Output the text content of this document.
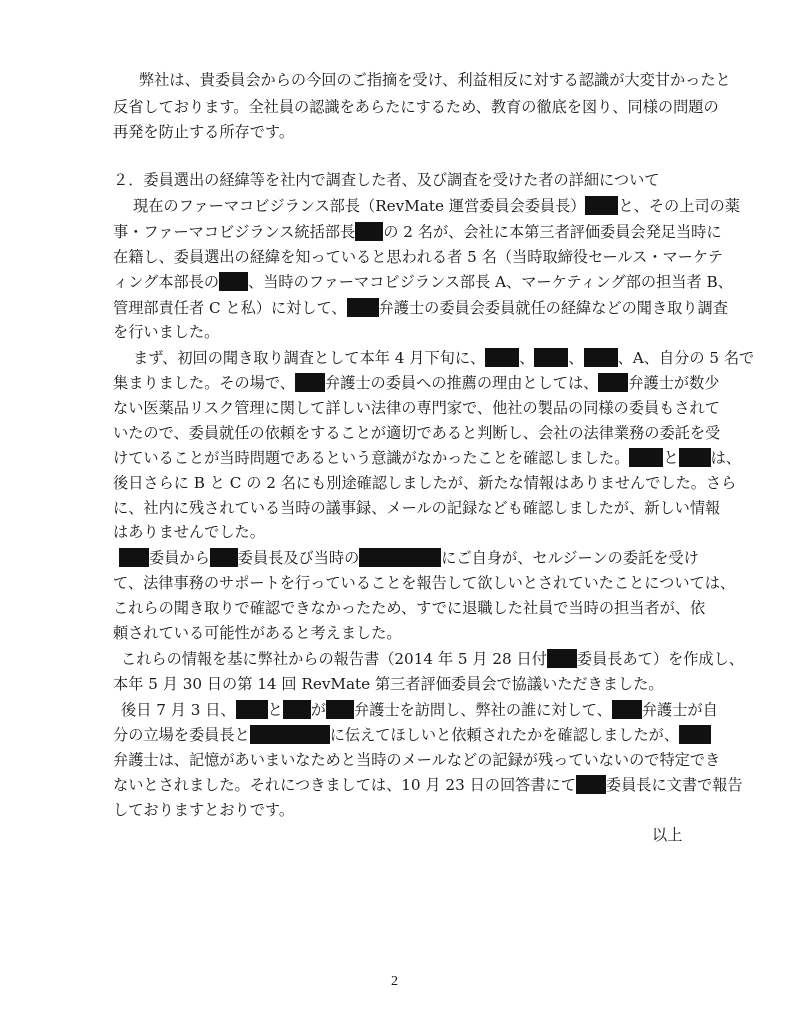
弊社は、貴委員会からの今回のご指摘を受け、利益相反に対する認識が大変甘かったと
反省しております。全社員の認識をあらたにするため、教育の徹底を図り、同様の問題の
再発を防止する所存です。
２．委員選出の経緯等を社内で調査した者、及び調査を受けた者の詳細について
現在のファーマコビジランス部長（RevMate 運営委員会委員長） と、その上司の薬
事・ファーマコビジランス統括部長 の 2 名が、会社に本第三者評価委員会発足当時に
在籍し、委員選出の経緯を知っていると思われる者 5 名（当時取締役セールス・マーケテ
ィング本部長の 、当時のファーマコビジランス部長 A、マーケティング部の担当者 B、
管理部責任者 C と私）に対して、 弁護士の委員会委員就任の経緯などの聞き取り調査
を行いました。
まず、初回の聞き取り調査として本年 4 月下旬に、 、 、 、A、自分の 5 名で
集まりました。その場で、 弁護士の委員への推薦の理由としては、 弁護士が数少
ない医薬品リスク管理に関して詳しい法律の専門家で、他社の製品の同様の委員もされて
いたので、委員就任の依頼をすることが適切であると判断し、会社の法律業務の委託を受
けていることが当時問題であるという意識がなかったことを確認しました。 と は、
後日さらに B と C の 2 名にも別途確認しましたが、新たな情報はありませんでした。さら
に、社内に残されている当時の議事録、メールの記録なども確認しましたが、新しい情報
はありませんでした。
委員から 委員長及び当時の	にご自身が、セルジーンの委託を受け
て、法律事務のサポートを行っていることを報告して欲しいとされていたことについては、
これらの聞き取りで確認できなかったため、すでに退職した社員で当時の担当者が、依
頼されている可能性があると考えました。
これらの情報を基に弊社からの報告書（2014 年 5 月 28 日付 委員長あて）を作成し、
本年 5 月 30 日の第 14 回 RevMate 第三者評価委員会で協議いただきました。
後日 7 月 3 日、 と が 弁護士を訪問し、弊社の誰に対して、 弁護士が自
分の立場を委員長と	に伝えてほしいと依頼されたかを確認しましたが、
弁護士は、記憶があいまいなためと当時のメールなどの記録が残っていないので特定でき
ないとされました。それにつきましては、10 月 23 日の回答書にて 委員長に文書で報告
しておりますとおりです。
以上
2
